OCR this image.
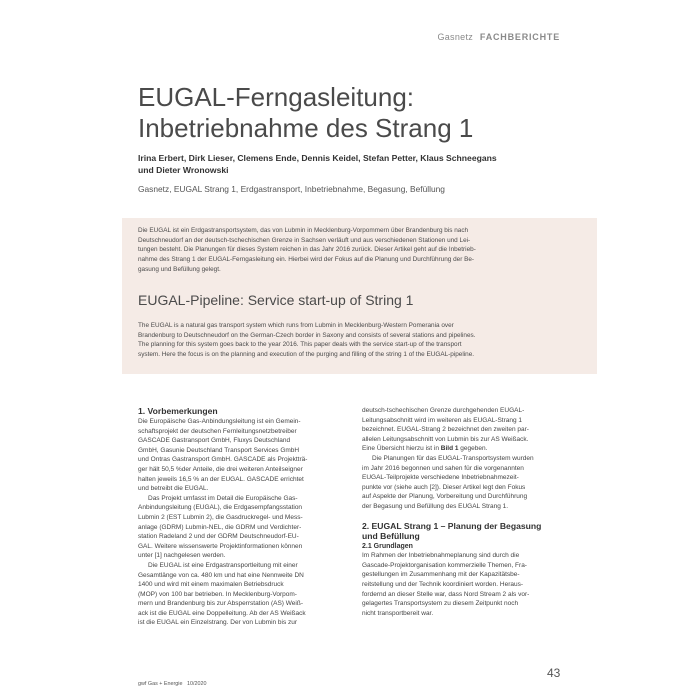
Gasnetz FACHBERICHTE
EUGAL-Ferngasleitung:
Inbetriebnahme des Strang 1
Irina Erbert, Dirk Lieser, Clemens Ende, Dennis Keidel, Stefan Petter, Klaus Schneegans
und Dieter Wronowski
Gasnetz, EUGAL Strang 1, Erdgastransport, Inbetriebnahme, Begasung, Befüllung
Die EUGAL ist ein Erdgastransportsystem, das von Lubmin in Mecklenburg-Vorpommern über Brandenburg bis nach
Deutschneudorf an der deutsch-tschechischen Grenze in Sachsen verläuft und aus verschiedenen Stationen und Lei-
tungen besteht. Die Planungen für dieses System reichen in das Jahr 2016 zurück. Dieser Artikel geht auf die Inbetrieb-
nahme des Strang 1 der EUGAL-Ferngasleitung ein. Hierbei wird der Fokus auf die Planung und Durchführung der Be-
gasung und Befüllung gelegt.
EUGAL-Pipeline: Service start-up of String 1
The EUGAL is a natural gas transport system which runs from Lubmin in Mecklenburg-Western Pomerania over
Brandenburg to Deutschneudorf on the German-Czech border in Saxony and consists of several stations and pipelines.
The planning for this system goes back to the year 2016. This paper deals with the service start-up of the transport
system. Here the focus is on the planning and execution of the purging and filling of the string 1 of the EUGAL-pipeline.
1. Vorbemerkungen
Die Europäische Gas-Anbindungsleitung ist ein Gemein-
schaftsprojekt der deutschen Fernleitungsnetzbetreiber
GASCADE Gastransport GmbH, Fluxys Deutschland
GmbH, Gasunie Deutschland Transport Services GmbH
und Ontras Gastransport GmbH. GASCADE als Projektträ-
ger hält 50,5 %der Anteile, die drei weiteren Anteilseigner
halten jeweils 16,5 % an der EUGAL. GASCADE errichtet
und betreibt die EUGAL.
Das Projekt umfasst im Detail die Europäische Gas-
Anbindungsleitung (EUGAL), die Erdgasempfangsstation
Lubmin 2 (EST Lubmin 2), die Gasdruckregel- und Mess-
anlage (GDRM) Lubmin-NEL, die GDRM und Verdichter-
station Radeland 2 und der GDRM Deutschneudorf-EU-
GAL. Weitere wissenswerte Projektinformationen können
unter [1] nachgelesen werden.
Die EUGAL ist eine Erdgastransportleitung mit einer
Gesamtlänge von ca. 480 km und hat eine Nennweite DN
1400 und wird mit einem maximalen Betriebsdruck
(MOP) von 100 bar betrieben. In Mecklenburg-Vorpom-
mern und Brandenburg bis zur Absperrstation (AS) Weiß-
ack ist die EUGAL eine Doppelleitung. Ab der AS Weißack
ist die EUGAL ein Einzelstrang. Der von Lubmin bis zur
deutsch-tschechischen Grenze durchgehenden EUGAL-
Leitungsabschnitt wird im weiteren als EUGAL-Strang 1
bezeichnet. EUGAL-Strang 2 bezeichnet den zweiten par-
allelen Leitungsabschnitt von Lubmin bis zur AS Weißack.
Eine Übersicht hierzu ist in Bild 1 gegeben.
Die Planungen für das EUGAL-Transportsystem wurden
im Jahr 2016 begonnen und sahen für die vorgenannten
EUGAL-Teilprojekte verschiedene Inbetriebnahmezeit-
punkte vor (siehe auch [2]). Dieser Artikel legt den Fokus
auf Aspekte der Planung, Vorbereitung und Durchführung
der Begasung und Befüllung des EUGAL Strang 1.
2. EUGAL Strang 1 – Planung der Begasung
und Befüllung
2.1 Grundlagen
Im Rahmen der Inbetriebnahmeplanung sind durch die
Gascade-Projektorganisation kommerzielle Themen, Fra-
gestellungen im Zusammenhang mit der Kapazitätsbe-
reitstellung und der Technik koordiniert worden. Heraus-
fordernd an dieser Stelle war, dass Nord Stream 2 als vor-
gelagertes Transportsystem zu diesem Zeitpunkt noch
nicht transportbereit war.
gwf Gas + Energie 10/2020
43
